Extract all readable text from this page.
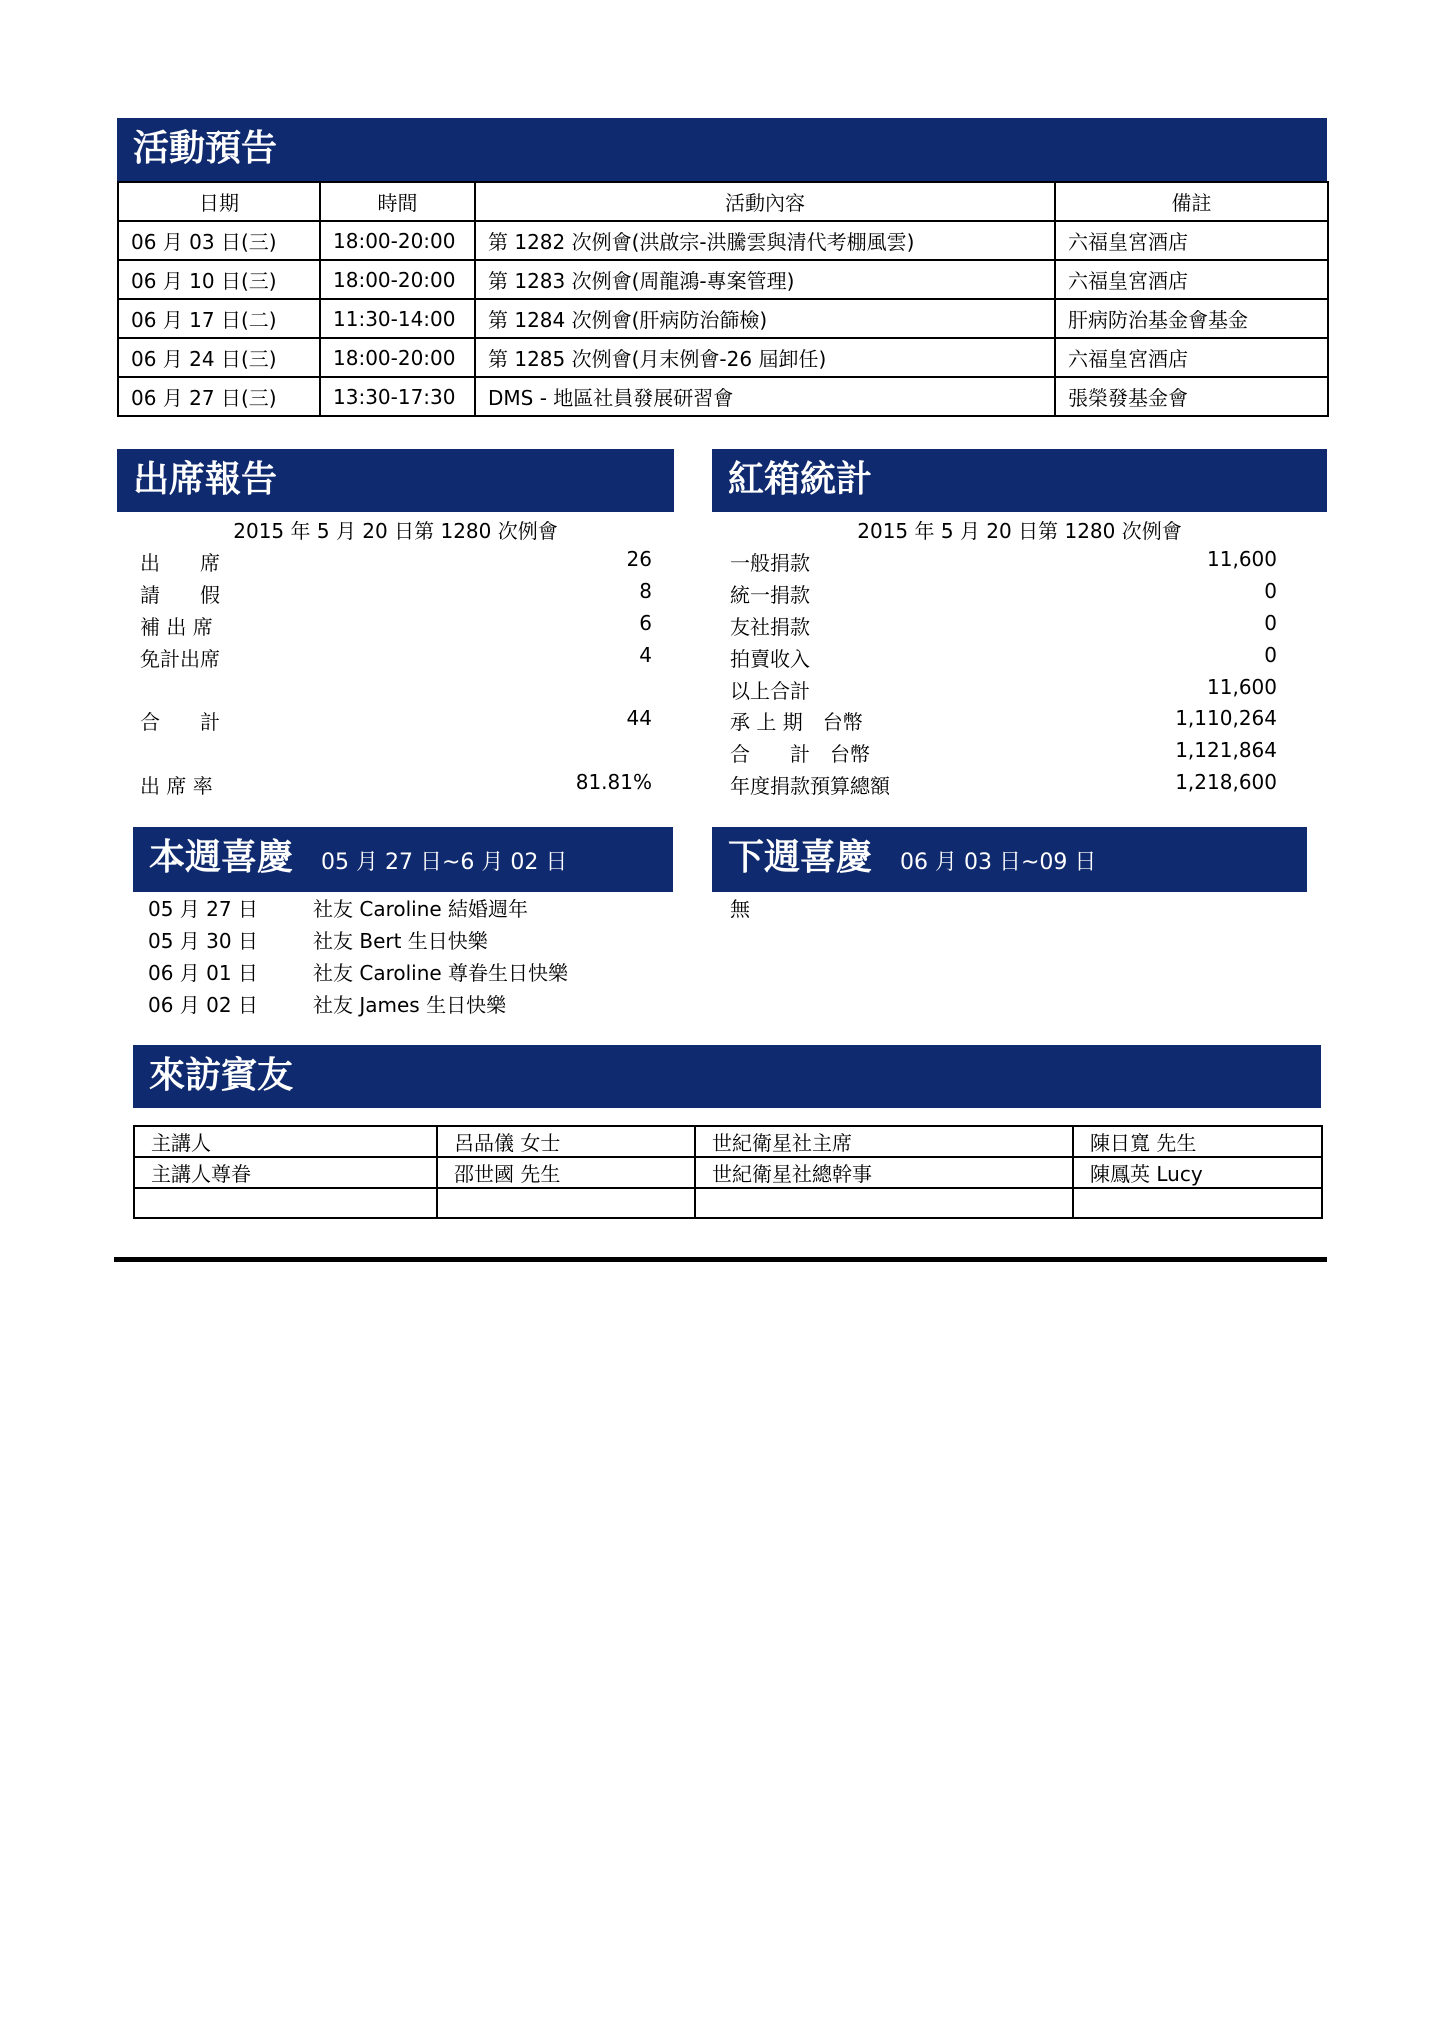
活動預告
日期	時間	活動內容	備註
06 月 03 日(三)	18:00-20:00	第 1282 次例會(洪啟宗-洪騰雲與清代考棚風雲)	六福皇宮酒店
06 月 10 日(三)	18:00-20:00	第 1283 次例會(周龍鴻-專案管理)	六福皇宮酒店
06 月 17 日(二)	11:30-14:00	第 1284 次例會(肝病防治篩檢)	肝病防治基金會基金
06 月 24 日(三)	18:00-20:00	第 1285 次例會(月末例會-26 屆卸任)	六福皇宮酒店
06 月 27 日(三)	13:30-17:30	DMS - 地區社員發展研習會	張榮發基金會
出席報告
2015 年 5 月 20 日第 1280 次例會
出　　席	26
請　　假	8
補 出 席	6
免計出席	4
合　　計	44
出 席 率	81.81%
紅箱統計
2015 年 5 月 20 日第 1280 次例會
一般捐款	11,600
統一捐款	0
友社捐款	0
拍賣收入	0
以上合計	11,600
承 上 期　台幣	1,110,264
合　　計　台幣	1,121,864
年度捐款預算總額	1,218,600
本週喜慶 05 月 27 日~6 月 02 日
05 月 27 日	社友 Caroline 結婚週年
05 月 30 日	社友 Bert 生日快樂
06 月 01 日	社友 Caroline 尊眷生日快樂
06 月 02 日	社友 James 生日快樂
下週喜慶 06 月 03 日~09 日
無
來訪賓友
主講人	呂品儀 女士	世紀衛星社主席	陳日寬 先生
主講人尊眷	邵世國 先生	世紀衛星社總幹事	陳鳳英 Lucy
